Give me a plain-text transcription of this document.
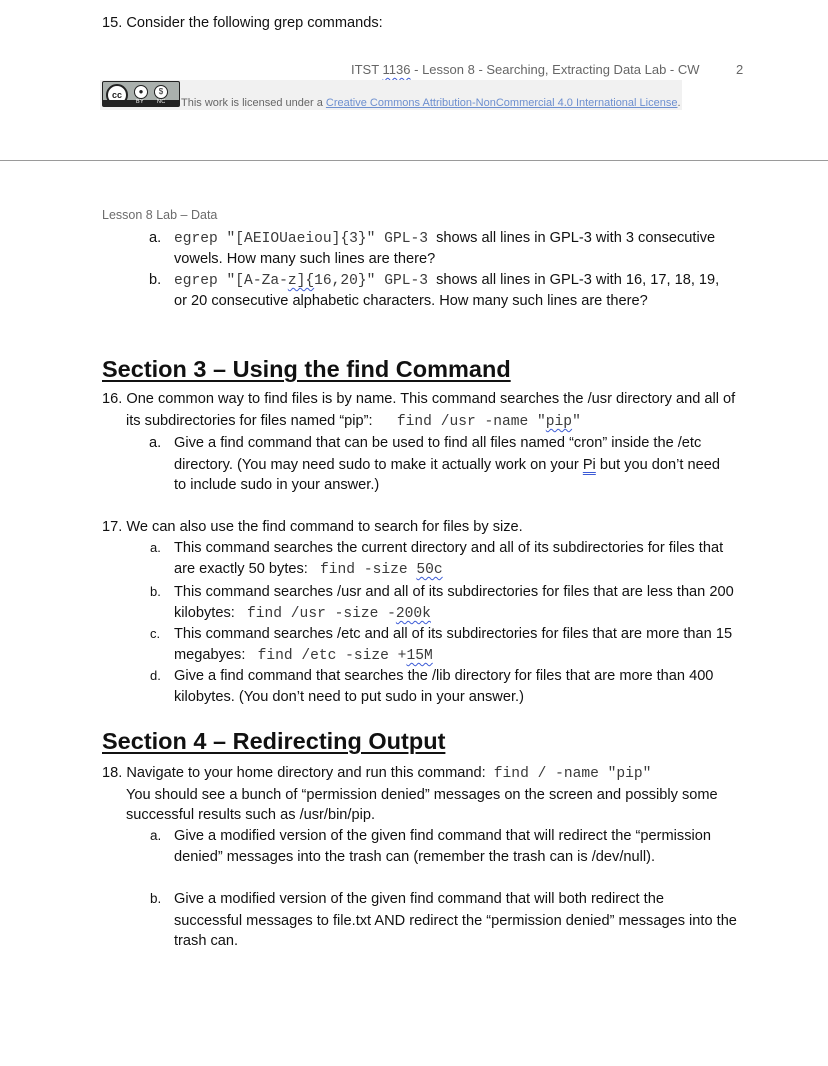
15. Consider the following grep commands:
ITST 1136 - Lesson 8 - Searching, Extracting Data Lab - CW	2
cc	●	$
BY NC This work is licensed under a Creative Commons Attribution-NonCommercial 4.0 International License.
Lesson 8 Lab – Data
a. egrep "[AEIOUaeiou]{3}" GPL-3 shows all lines in GPL-3 with 3 consecutive
vowels. How many such lines are there?
b. egrep "[A-Za-z]{16,20}" GPL-3 shows all lines in GPL-3 with 16, 17, 18, 19,
or 20 consecutive alphabetic characters. How many such lines are there?
Section 3 – Using the find Command
16. One common way to find files is by name. This command searches the /usr directory and all of
its subdirectories for files named “pip”: find /usr -name "pip"
a. Give a find command that can be used to find all files named “cron” inside the /etc
directory. (You may need sudo to make it actually work on your Pi but you don’t need
to include sudo in your answer.)
17. We can also use the find command to search for files by size.
a. This command searches the current directory and all of its subdirectories for files that
are exactly 50 bytes: find -size 50c
b. This command searches /usr and all of its subdirectories for files that are less than 200
kilobytes: find /usr -size -200k
c. This command searches /etc and all of its subdirectories for files that are more than 15
megabyes: find /etc -size +15M
d. Give a find command that searches the /lib directory for files that are more than 400
kilobytes. (You don’t need to put sudo in your answer.)
Section 4 – Redirecting Output
18. Navigate to your home directory and run this command: find / -name "pip"
You should see a bunch of “permission denied” messages on the screen and possibly some
successful results such as /usr/bin/pip.
a. Give a modified version of the given find command that will redirect the “permission
denied” messages into the trash can (remember the trash can is /dev/null).
b. Give a modified version of the given find command that will both redirect the
successful messages to file.txt AND redirect the “permission denied” messages into the
trash can.
